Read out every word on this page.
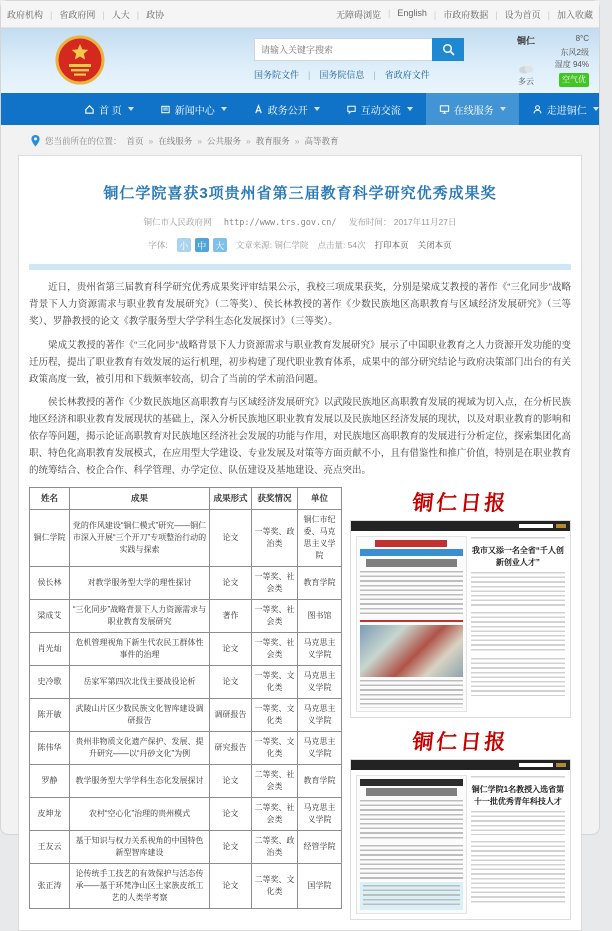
政府机构	| 省政府网	| 人大	| 政协	无障碍浏览	| English	| 市政府数据	| 设为首页	| 加入收藏
请输入关键字搜索
国务院文件	| 国务院信息	| 省政府文件
铜仁	8°C
多云
东风2级
湿度 94%
空气优
首 页	新闻中心	政务公开	互动交流	在线服务	走进铜仁
您当前所在的位置： 首页	» 在线服务	» 公共服务	» 教育服务	» 高等教育
铜仁学院喜获3项贵州省第三届教育科学研究优秀成果奖
铜仁市人民政府网 http://www.trs.gov.cn/ 发布时间： 2017年11月27日
字体: 小 中 大 文章来源: 铜仁学院 点击量: 54次 打印本页 关闭本页

近日，贵州省第三届教育科学研究优秀成果奖评审结果公示，我校三项成果获奖，分别是梁成艾教授的著作《“三化同步”战略背景下人力资源需求与职业教育发展研究》（二等奖）、侯长林教授的著作《少数民族地区高职教育与区域经济发展研究》（三等奖）、罗静教授的论文《教学服务型大学学科生态化发展探讨》（三等奖）。

梁成艾教授的著作《“三化同步”战略背景下人力资源需求与职业教育发展研究》展示了中国职业教育之人力资源开发功能的变迁历程，提出了职业教育有效发展的运行机理，初步构建了现代职业教育体系，成果中的部分研究结论与政府决策部门出台的有关政策高度一致，被引用和下载频率较高，切合了当前的学术前沿问题。

侯长林教授的著作《少数民族地区高职教育与区域经济发展研究》以武陵民族地区高职教育发展的视域为切入点，在分析民族地区经济和职业教育发展现状的基础上，深入分析民族地区职业教育发展以及民族地区经济发展的现状，以及对职业教育的影响和依存等问题，揭示论证高职教育对民族地区经济社会发展的功能与作用，对民族地区高职教育的发展进行分析定位，探索集团化高职、特色化高职教育发展模式，在应用型大学建设、专业发展及对策等方面贡献不小，且有借鉴性和推广价值，特别是在职业教育的统筹结合、校企合作、科学管理、办学定位、队伍建设及基地建设、亮点突出。

姓名	成果	成果形式	获奖情况	单位
铜仁学院	党的作风建设“铜仁模式”研究——铜仁市深入开展“三个开刀”专项整治行动的实践与探索	论文	一等奖、政治类	铜仁市纪委、马克思主义学院
侯长林	对教学服务型大学的理性探讨	论文	一等奖、社会类	教育学院
梁成艾	“三化同步”战略背景下人力资源需求与职业教育发展研究	著作	一等奖、社会类	图书馆
肖光灿	危机管理视角下新生代农民工群体性事件的治理	论文	一等奖、社会类	马克思主义学院
史冷歌	岳家军第四次北伐主要战役论析	论文	一等奖、文化类	马克思主义学院
陈开敏	武陵山片区少数民族文化智库建设调研报告	调研报告	一等奖、文化类	马克思主义学院
陈伟华	贵州非物质文化遗产保护、发展、提升研究——以“丹砂文化”为例	研究报告	一等奖、文化类	马克思主义学院
罗静	教学服务型大学学科生态化发展探讨	论文	二等奖、社会类	教育学院
皮坤龙	农村“空心化”治理的贵州模式	论文	二等奖、社会类	马克思主义学院
王友云	基于知识与权力关系视角的中国特色新型智库建设	论文	二等奖、政治类	经管学院
张正涛	论传统手工技艺的有效保护与活态传承——基于环梵净山区土家族皮纸工艺的人类学考察	论文	二等奖、文化类	国学院
铜仁日报
我市又添一名全省“千人创新创业人才”
铜仁日报
铜仁学院1名教授入选省第十一批优秀青年科技人才
